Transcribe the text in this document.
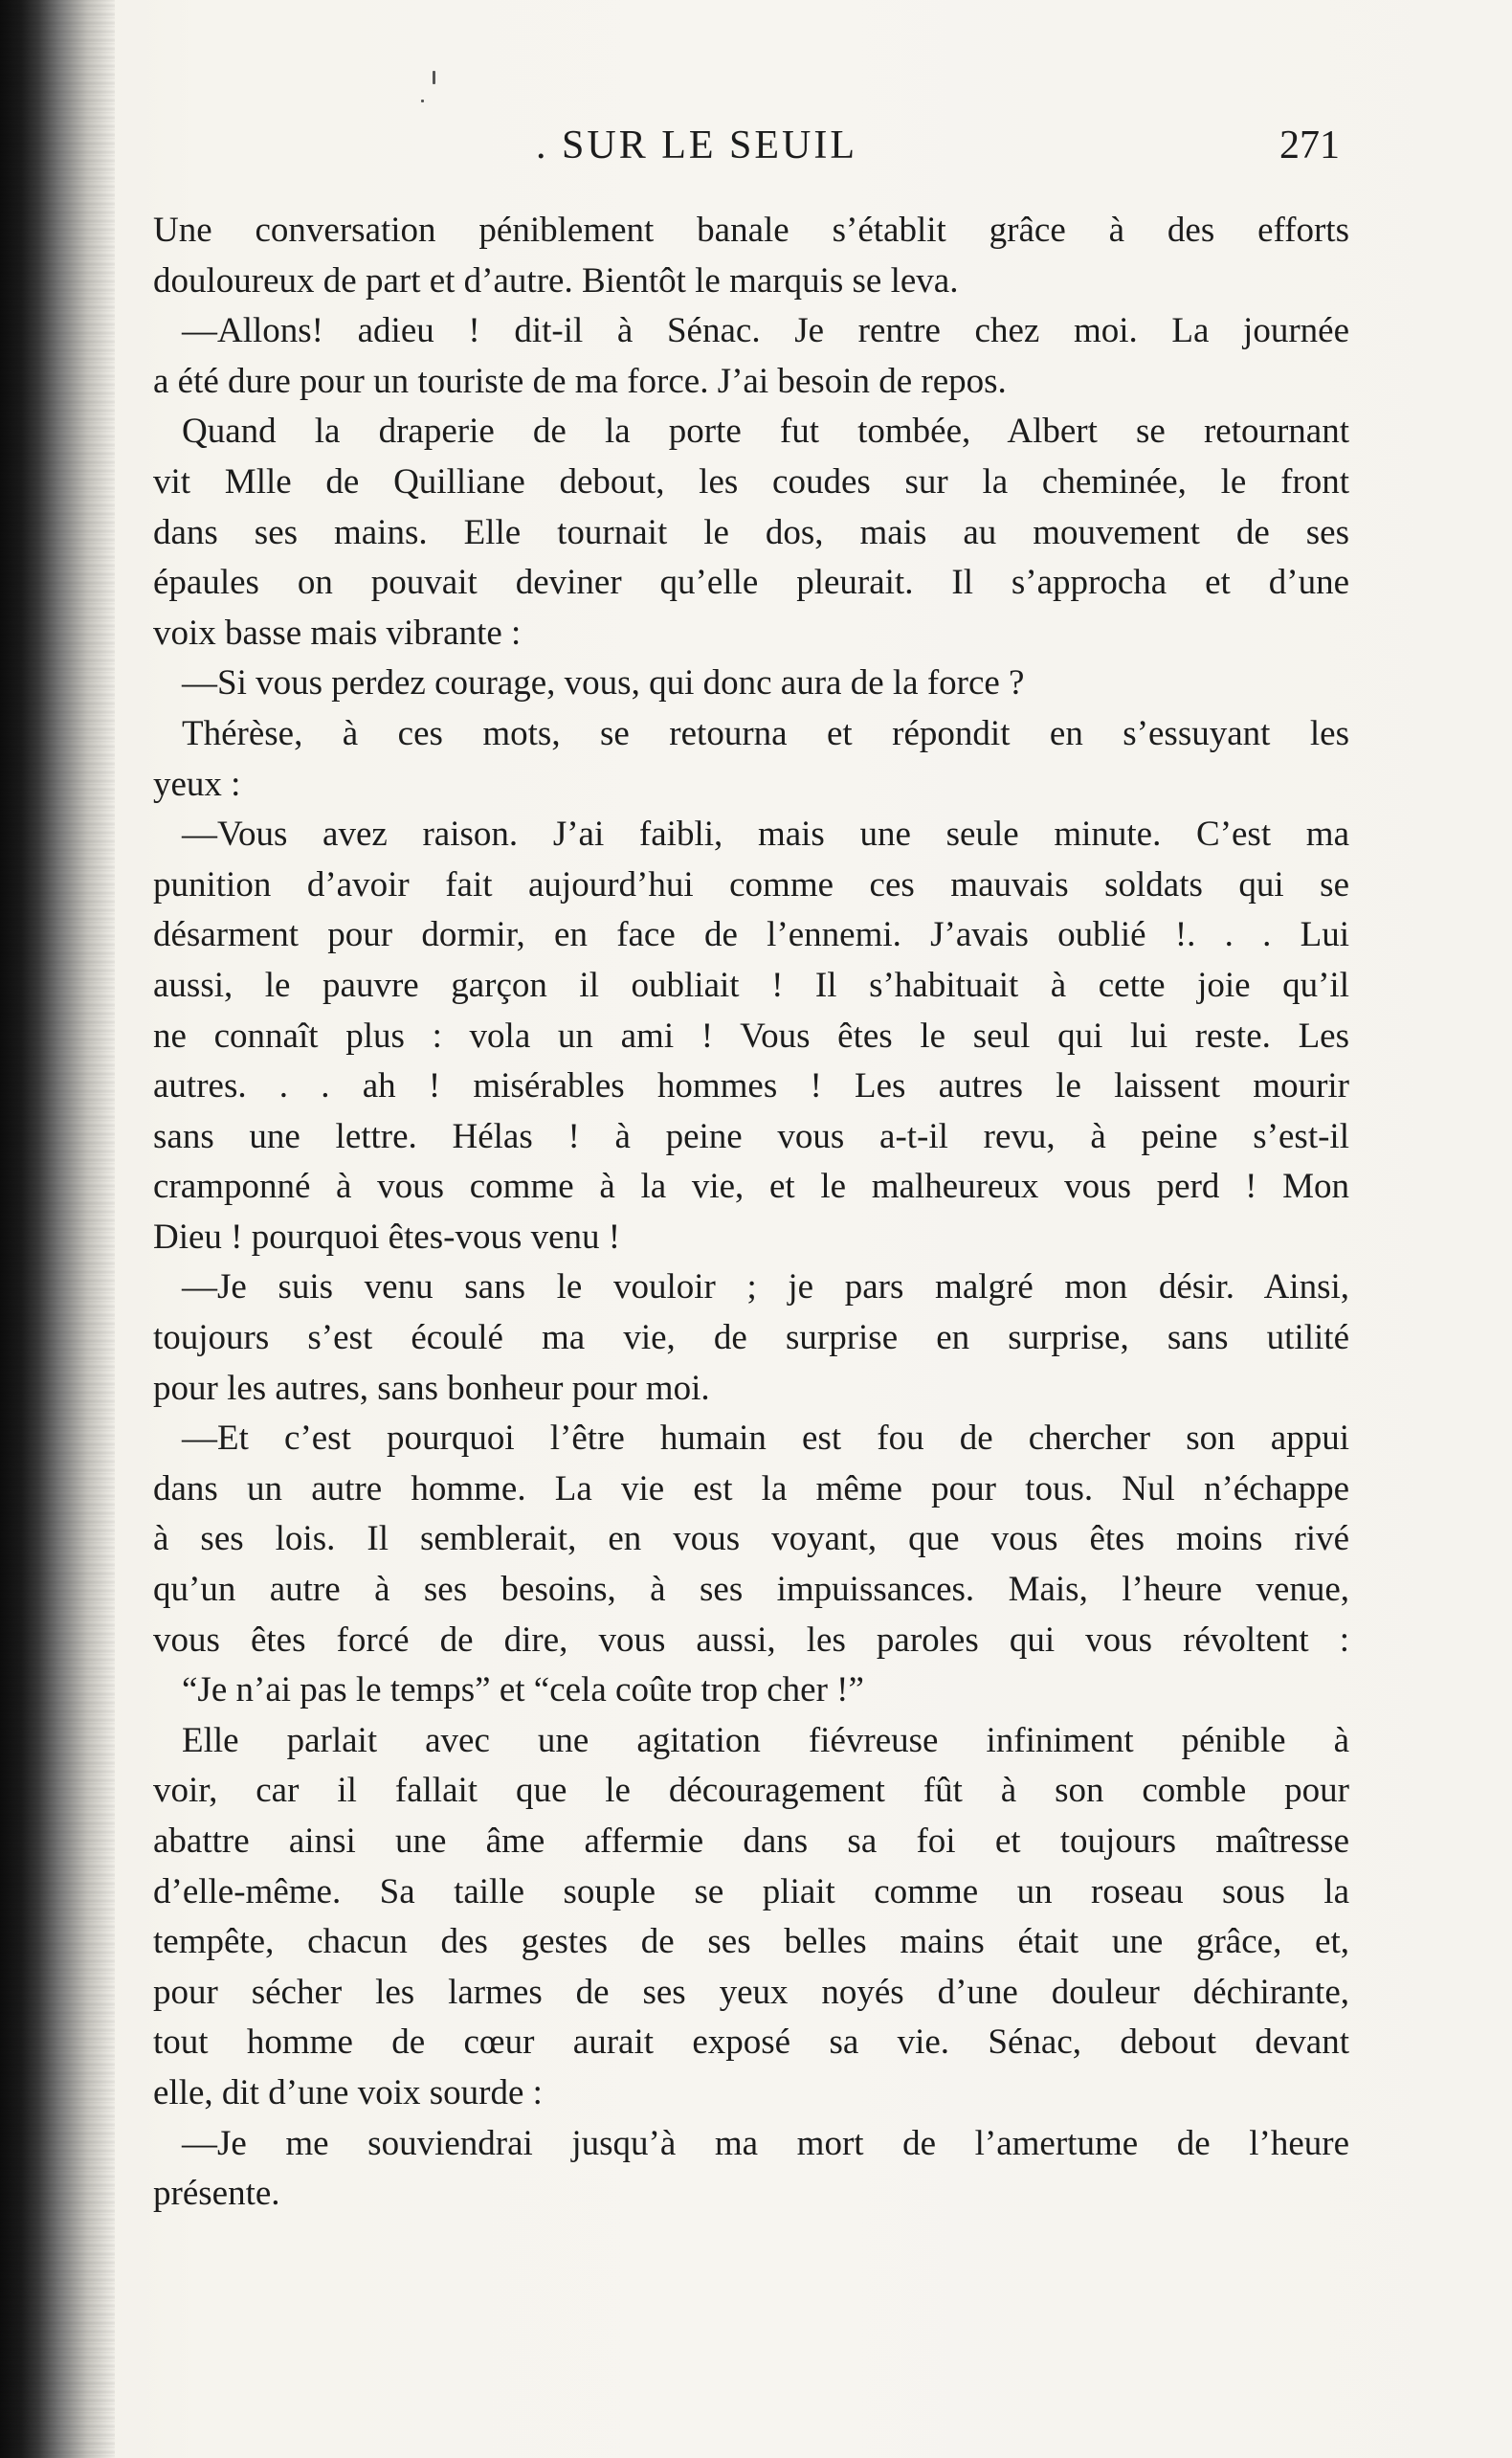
. SUR LE SEUIL	271
Une conversation péniblement banale s’établit grâce à des efforts
douloureux de part et d’autre. Bientôt le marquis se leva.
—Allons! adieu ! dit-il à Sénac. Je rentre chez moi. La journée
a été dure pour un touriste de ma force. J’ai besoin de repos.
Quand la draperie de la porte fut tombée, Albert se retournant
vit Mlle de Quilliane debout, les coudes sur la cheminée, le front
dans ses mains. Elle tournait le dos, mais au mouvement de ses
épaules on pouvait deviner qu’elle pleurait. Il s’approcha et d’une
voix basse mais vibrante :
—Si vous perdez courage, vous, qui donc aura de la force ?
Thérèse, à ces mots, se retourna et répondit en s’essuyant les
yeux :
—Vous avez raison. J’ai faibli, mais une seule minute. C’est ma
punition d’avoir fait aujourd’hui comme ces mauvais soldats qui se
désarment pour dormir, en face de l’ennemi. J’avais oublié !. . . Lui
aussi, le pauvre garçon il oubliait ! Il s’habituait à cette joie qu’il
ne connaît plus : vola un ami ! Vous êtes le seul qui lui reste. Les
autres. . . ah ! misérables hommes ! Les autres le laissent mourir
sans une lettre. Hélas ! à peine vous a-t-il revu, à peine s’est-il
cramponné à vous comme à la vie, et le malheureux vous perd ! Mon
Dieu ! pourquoi êtes-vous venu !
—Je suis venu sans le vouloir ; je pars malgré mon désir. Ainsi,
toujours s’est écoulé ma vie, de surprise en surprise, sans utilité
pour les autres, sans bonheur pour moi.
—Et c’est pourquoi l’être humain est fou de chercher son appui
dans un autre homme. La vie est la même pour tous. Nul n’échappe
à ses lois. Il semblerait, en vous voyant, que vous êtes moins rivé
qu’un autre à ses besoins, à ses impuissances. Mais, l’heure venue,
vous êtes forcé de dire, vous aussi, les paroles qui vous révoltent :
“Je n’ai pas le temps” et “cela coûte trop cher !”
Elle parlait avec une agitation fiévreuse infiniment pénible à
voir, car il fallait que le découragement fût à son comble pour
abattre ainsi une âme affermie dans sa foi et toujours maîtresse
d’elle-même. Sa taille souple se pliait comme un roseau sous la
tempête, chacun des gestes de ses belles mains était une grâce, et,
pour sécher les larmes de ses yeux noyés d’une douleur déchirante,
tout homme de cœur aurait exposé sa vie. Sénac, debout devant
elle, dit d’une voix sourde :
—Je me souviendrai jusqu’à ma mort de l’amertume de l’heure
présente.
